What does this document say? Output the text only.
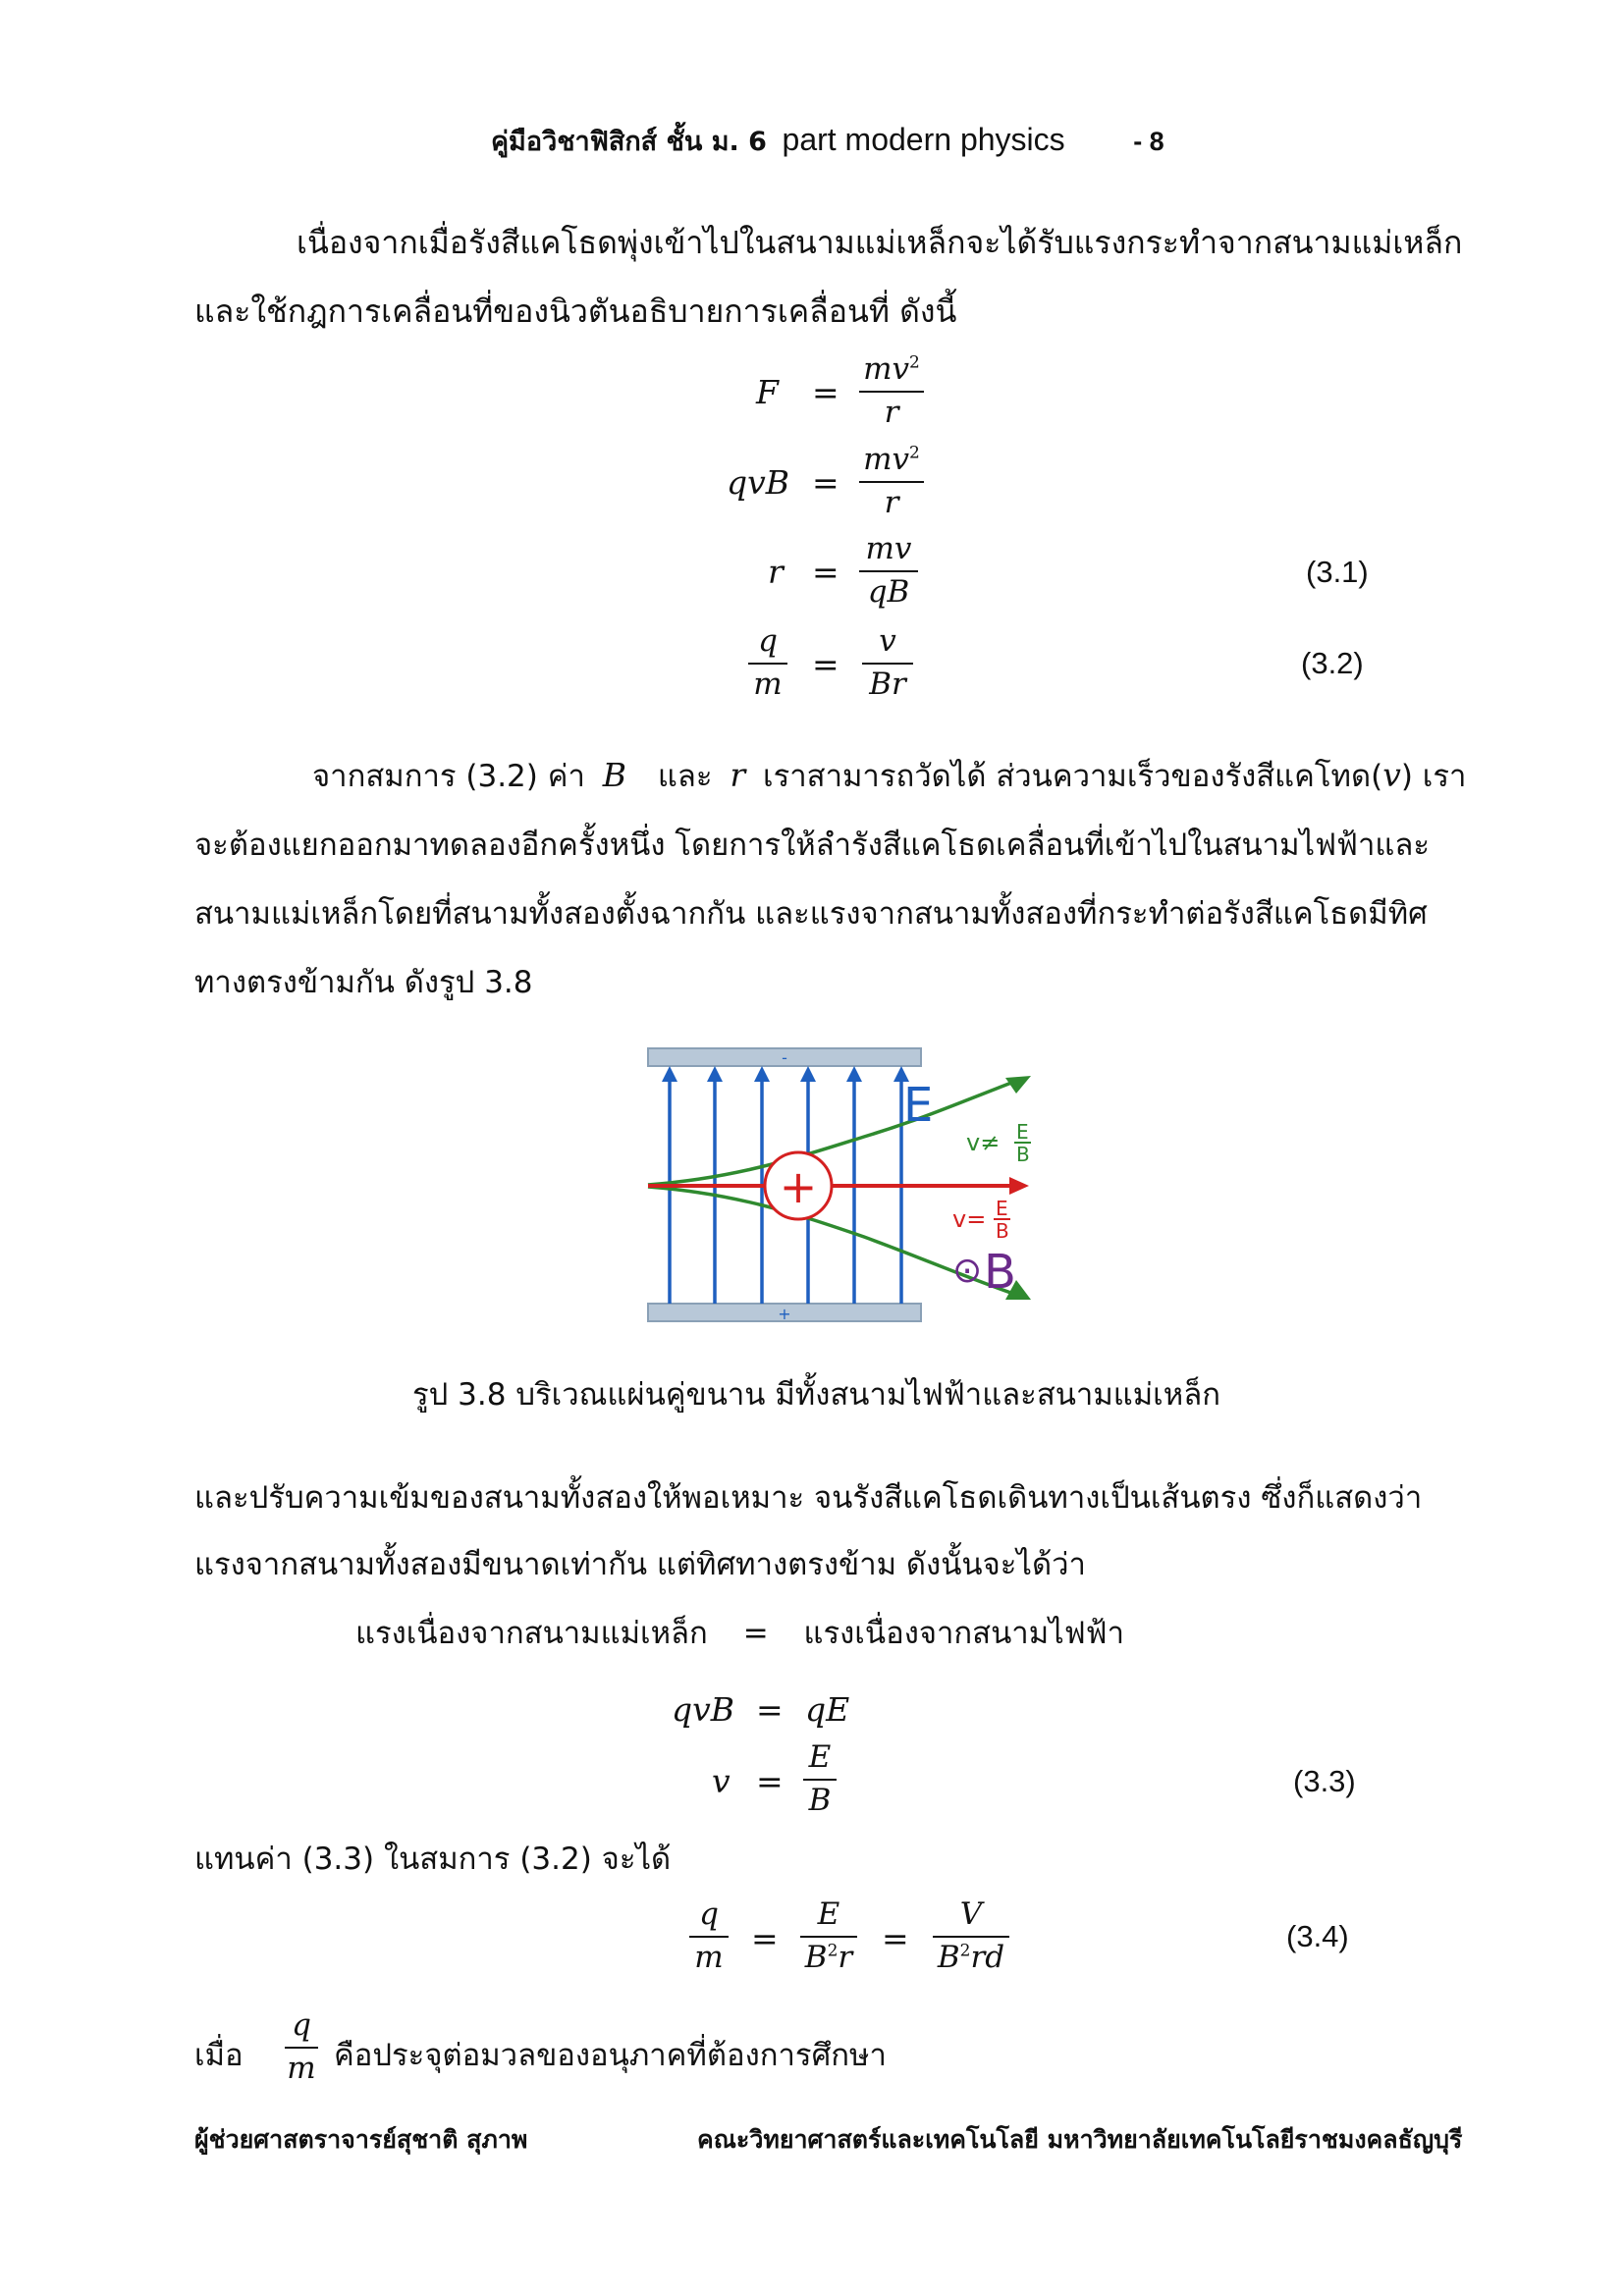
คู่มือวิชาฟิสิกส์ ชั้น ม. 6 part modern physics	- 8
เนื่องจากเมื่อรังสีแคโธดพุ่งเข้าไปในสนามแม่เหล็กจะได้รับแรงกระทำจากสนามแม่เหล็ก
และใช้กฎการเคลื่อนที่ของนิวตันอธิบายการเคลื่อนที่ ดังนี้
F =
$mv^2$
r
qvB =
$mv^2$
r
r =
mv
qB
(3.1)
q
m
=
v
Br
(3.2)
จากสมการ (3.2) ค่า B และ r เราสามารถวัดได้ ส่วนความเร็วของรังสีแคโทด(v) เรา
จะต้องแยกออกมาทดลองอีกครั้งหนึ่ง โดยการให้ลำรังสีแคโธดเคลื่อนที่เข้าไปในสนามไฟฟ้าและ
สนามแม่เหล็กโดยที่สนามทั้งสองตั้งฉากกัน และแรงจากสนามทั้งสองที่กระทำต่อรังสีแคโธดมีทิศ
ทางตรงข้ามกัน ดังรูป 3.8
-
+
+
E
v≠ E
B
v= E
B
⊙ B
รูป 3.8 บริเวณแผ่นคู่ขนาน มีทั้งสนามไฟฟ้าและสนามแม่เหล็ก
และปรับความเข้มของสนามทั้งสองให้พอเหมาะ จนรังสีแคโธดเดินทางเป็นเส้นตรง ซึ่งก็แสดงว่า
แรงจากสนามทั้งสองมีขนาดเท่ากัน แต่ทิศทางตรงข้าม ดังนั้นจะได้ว่า
แรงเนื่องจากสนามแม่เหล็ก = แรงเนื่องจากสนามไฟฟ้า
qvB = qE
v =
E
B
(3.3)
แทนค่า (3.3) ในสมการ (3.2) จะได้
q
m =
E
$B^2r$ =
V
$B^2rd$
(3.4)
เมื่อ
q
m คือประจุต่อมวลของอนุภาคที่ต้องการศึกษา
ผู้ช่วยศาสตราจารย์สุชาติ สุภาพ	คณะวิทยาศาสตร์และเทคโนโลยี มหาวิทยาลัยเทคโนโลยีราชมงคลธัญบุรี
